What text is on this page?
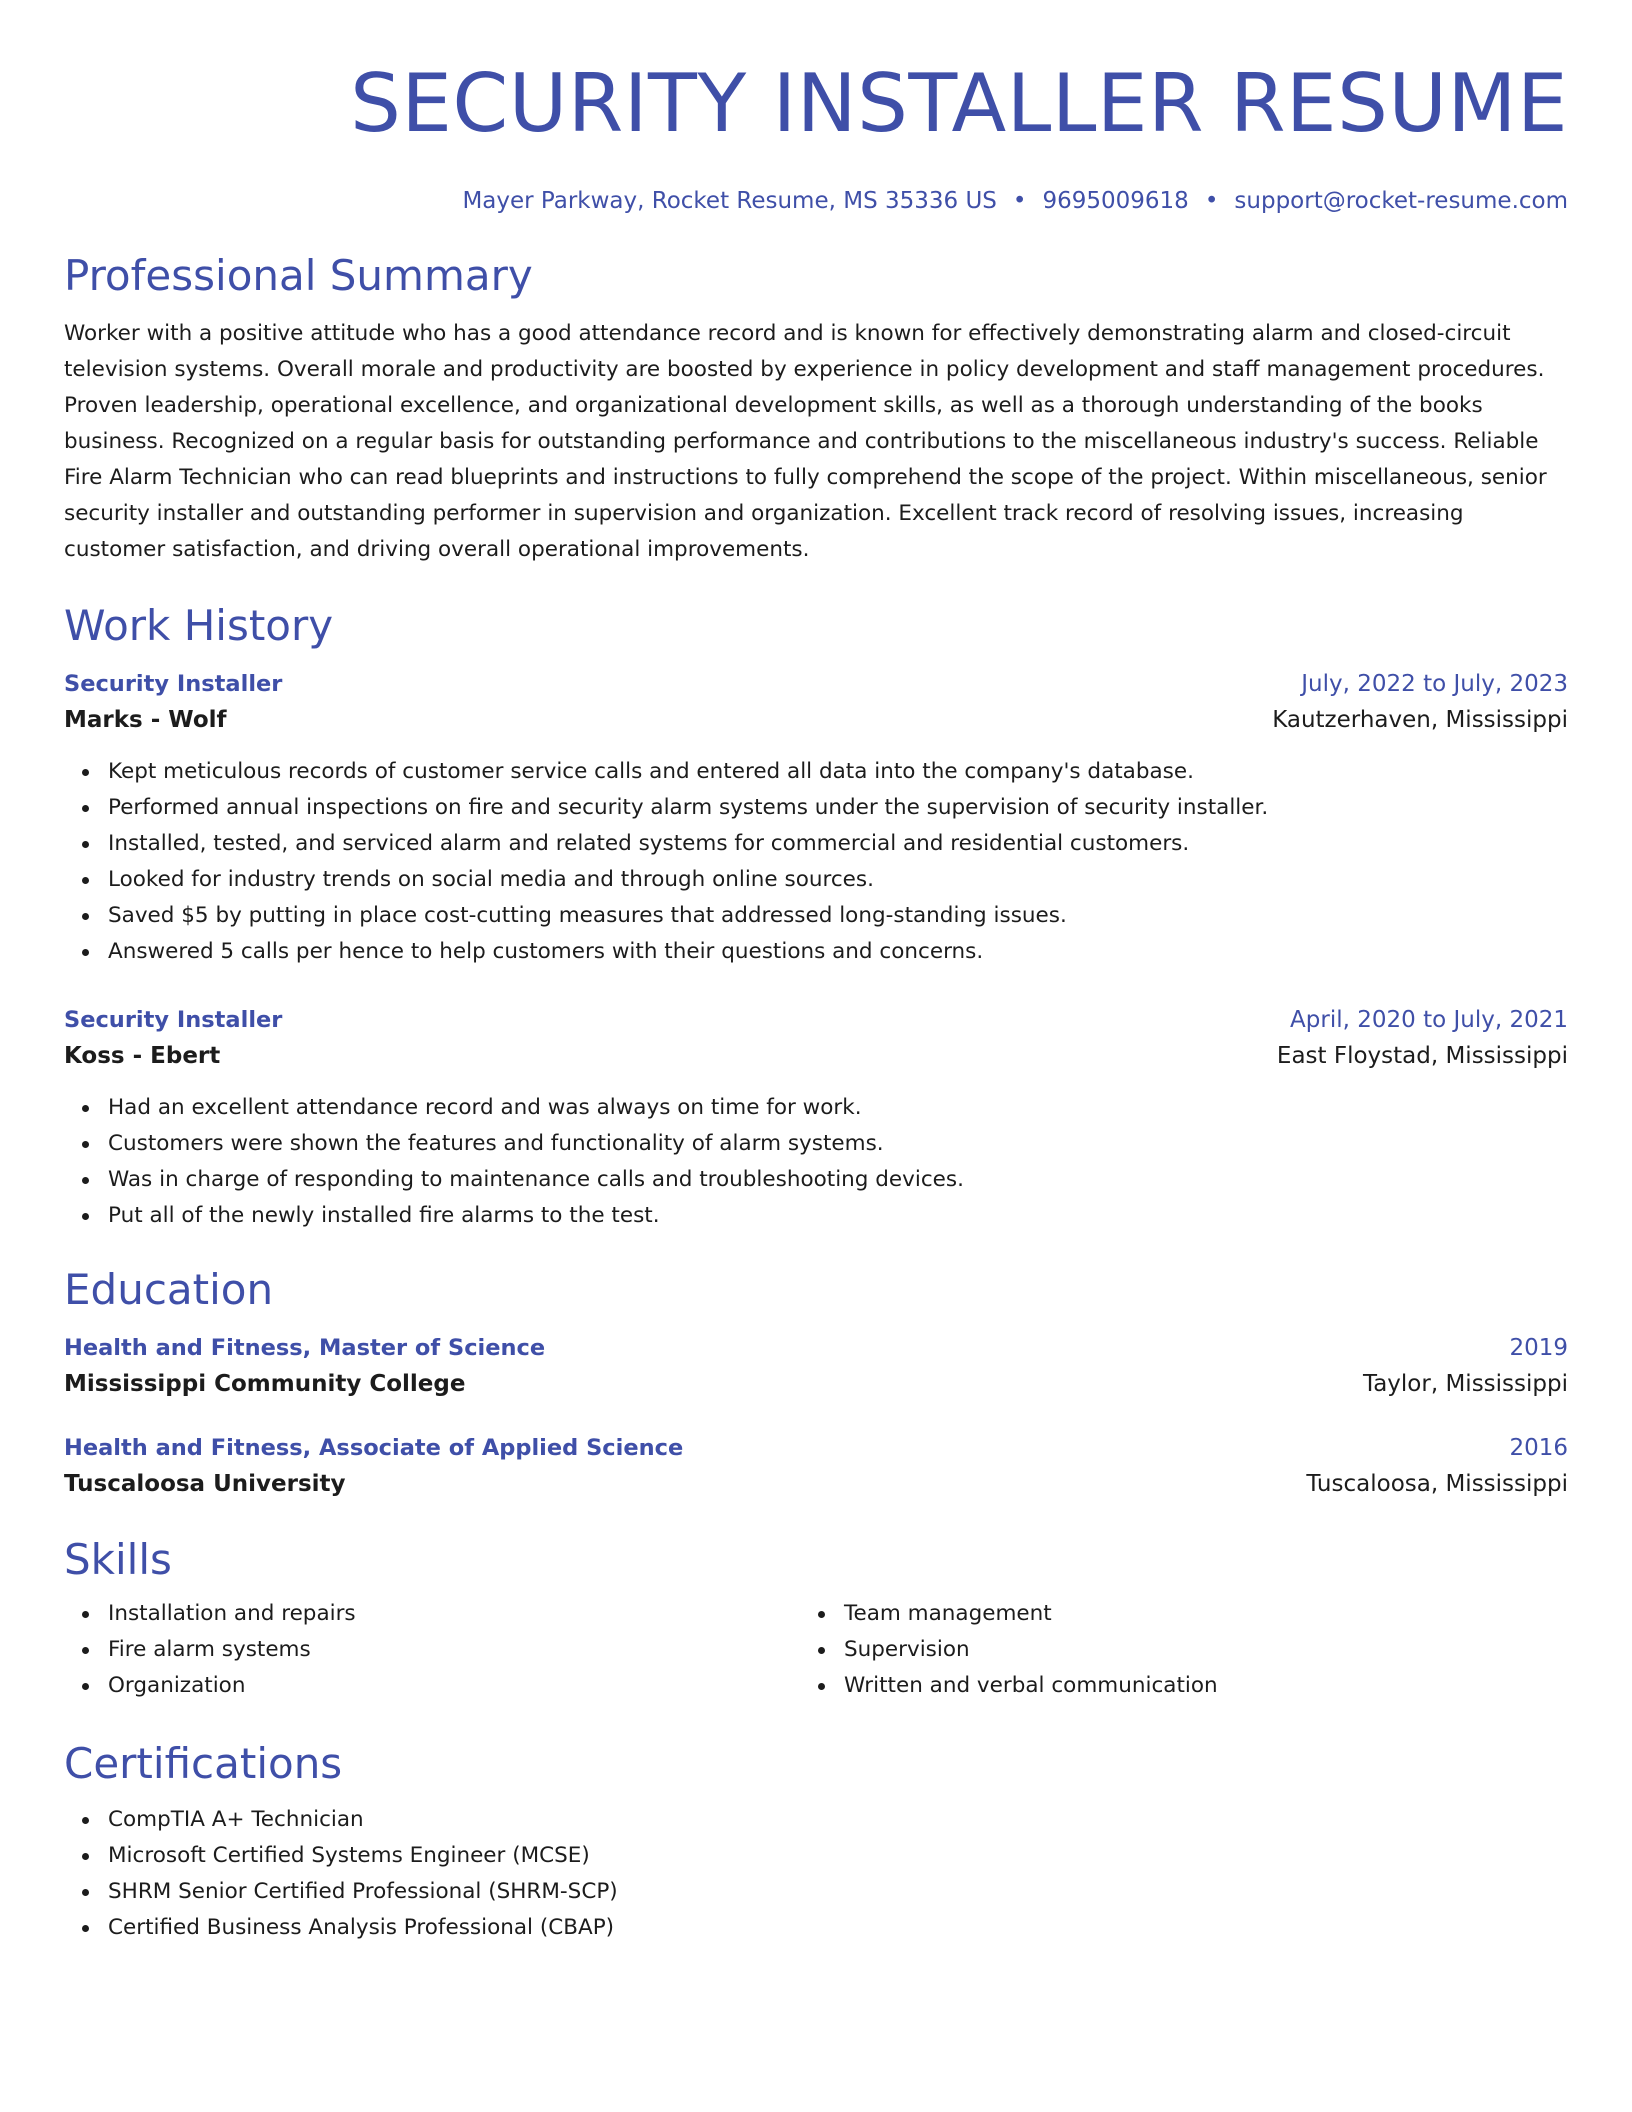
SECURITY INSTALLER RESUME
Mayer Parkway, Rocket Resume, MS 35336 US • 9695009618 • support@rocket-resume.com
Professional Summary

Worker with a positive attitude who has a good attendance record and is known for effectively demonstrating alarm and closed-circuit television systems. Overall morale and productivity are boosted by experience in policy development and staff management procedures. Proven leadership, operational excellence, and organizational development skills, as well as a thorough understanding of the books business. Recognized on a regular basis for outstanding performance and contributions to the miscellaneous industry's success. Reliable Fire Alarm Technician who can read blueprints and instructions to fully comprehend the scope of the project. Within miscellaneous, senior security installer and outstanding performer in supervision and organization. Excellent track record of resolving issues, increasing customer satisfaction, and driving overall operational improvements.

Work History
Security Installer	July, 2022 to July, 2023
Marks - Wolf	Kautzerhaven, Mississippi
Kept meticulous records of customer service calls and entered all data into the company's database.
Performed annual inspections on fire and security alarm systems under the supervision of security installer.
Installed, tested, and serviced alarm and related systems for commercial and residential customers.
Looked for industry trends on social media and through online sources.
Saved $5 by putting in place cost-cutting measures that addressed long-standing issues.
Answered 5 calls per hence to help customers with their questions and concerns.
Security Installer	April, 2020 to July, 2021
Koss - Ebert	East Floystad, Mississippi
Had an excellent attendance record and was always on time for work.
Customers were shown the features and functionality of alarm systems.
Was in charge of responding to maintenance calls and troubleshooting devices.
Put all of the newly installed fire alarms to the test.
Education
Health and Fitness, Master of Science	2019
Mississippi Community College	Taylor, Mississippi
Health and Fitness, Associate of Applied Science	2016
Tuscaloosa University	Tuscaloosa, Mississippi
Skills
Installation and repairs
Fire alarm systems
Organization
Team management
Supervision
Written and verbal communication
Certifications
CompTIA A+ Technician
Microsoft Certified Systems Engineer (MCSE)
SHRM Senior Certified Professional (SHRM-SCP)
Certified Business Analysis Professional (CBAP)
